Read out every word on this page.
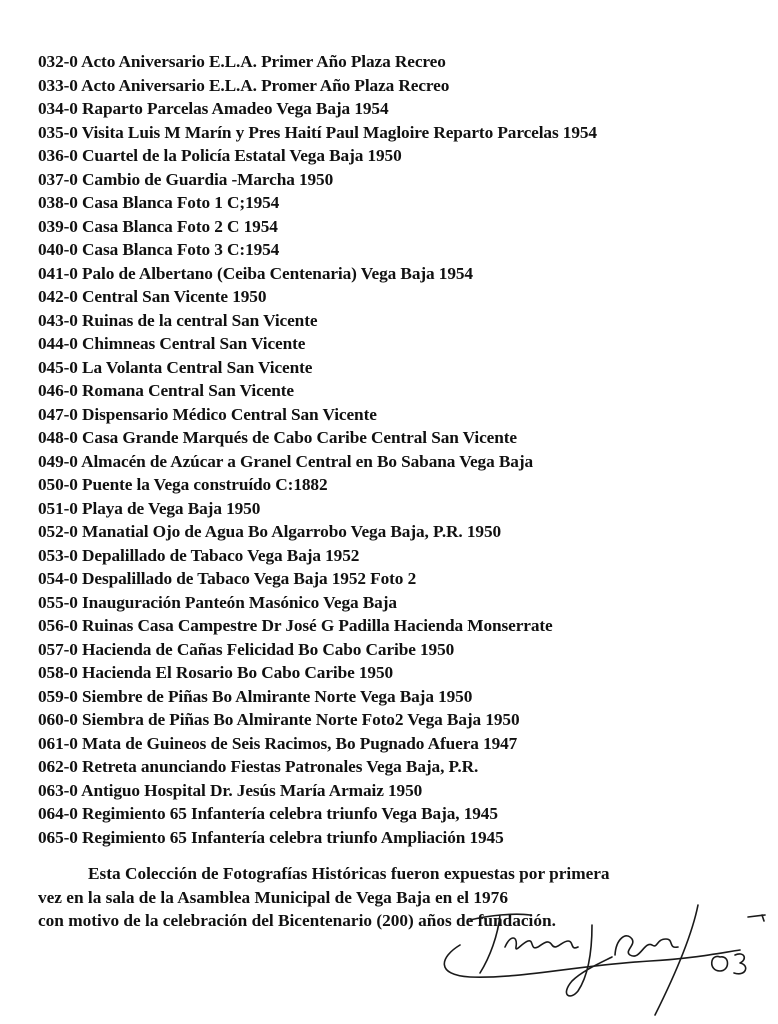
032-0 Acto Aniversario E.L.A. Primer Año Plaza Recreo
033-0 Acto Aniversario E.L.A. Promer Año Plaza Recreo
034-0 Raparto Parcelas Amadeo Vega Baja 1954
035-0 Visita Luis M Marín y Pres Haití Paul Magloire Reparto Parcelas 1954
036-0 Cuartel de la Policía Estatal Vega Baja 1950
037-0 Cambio de Guardia -Marcha 1950
038-0 Casa Blanca Foto 1 C;1954
039-0 Casa Blanca Foto 2 C 1954
040-0 Casa Blanca Foto 3 C:1954
041-0 Palo de Albertano (Ceiba Centenaria) Vega Baja 1954
042-0 Central San Vicente 1950
043-0 Ruinas de la central San Vicente
044-0 Chimneas Central San Vicente
045-0 La Volanta Central San Vicente
046-0 Romana Central San Vicente
047-0 Dispensario Médico Central San Vicente
048-0 Casa Grande Marqués de Cabo Caribe Central San Vicente
049-0 Almacén de Azúcar a Granel Central en Bo Sabana Vega Baja
050-0 Puente la Vega construído C:1882
051-0 Playa de Vega Baja 1950
052-0 Manatial Ojo de Agua Bo Algarrobo Vega Baja, P.R. 1950
053-0 Depalillado de Tabaco Vega Baja 1952
054-0 Despalillado de Tabaco Vega Baja 1952 Foto 2
055-0 Inauguración Panteón Masónico Vega Baja
056-0 Ruinas Casa Campestre Dr José G Padilla Hacienda Monserrate
057-0 Hacienda de Cañas Felicidad Bo Cabo Caribe 1950
058-0 Hacienda El Rosario Bo Cabo Caribe 1950
059-0 Siembre de Piñas Bo Almirante Norte Vega Baja 1950
060-0 Siembra de Piñas Bo Almirante Norte Foto2 Vega Baja 1950
061-0 Mata de Guineos de Seis Racimos, Bo Pugnado Afuera 1947
062-0 Retreta anunciando Fiestas Patronales Vega Baja, P.R.
063-0 Antiguo Hospital Dr. Jesús María Armaiz 1950
064-0 Regimiento 65 Infantería celebra triunfo Vega Baja, 1945
065-0 Regimiento 65 Infantería celebra triunfo Ampliación 1945
Esta Colección de Fotografías Históricas fueron expuestas por primera
vez en la sala de la Asamblea Municipal de Vega Baja en el 1976
con motivo de la celebración del Bicentenario (200) años de fundación.
